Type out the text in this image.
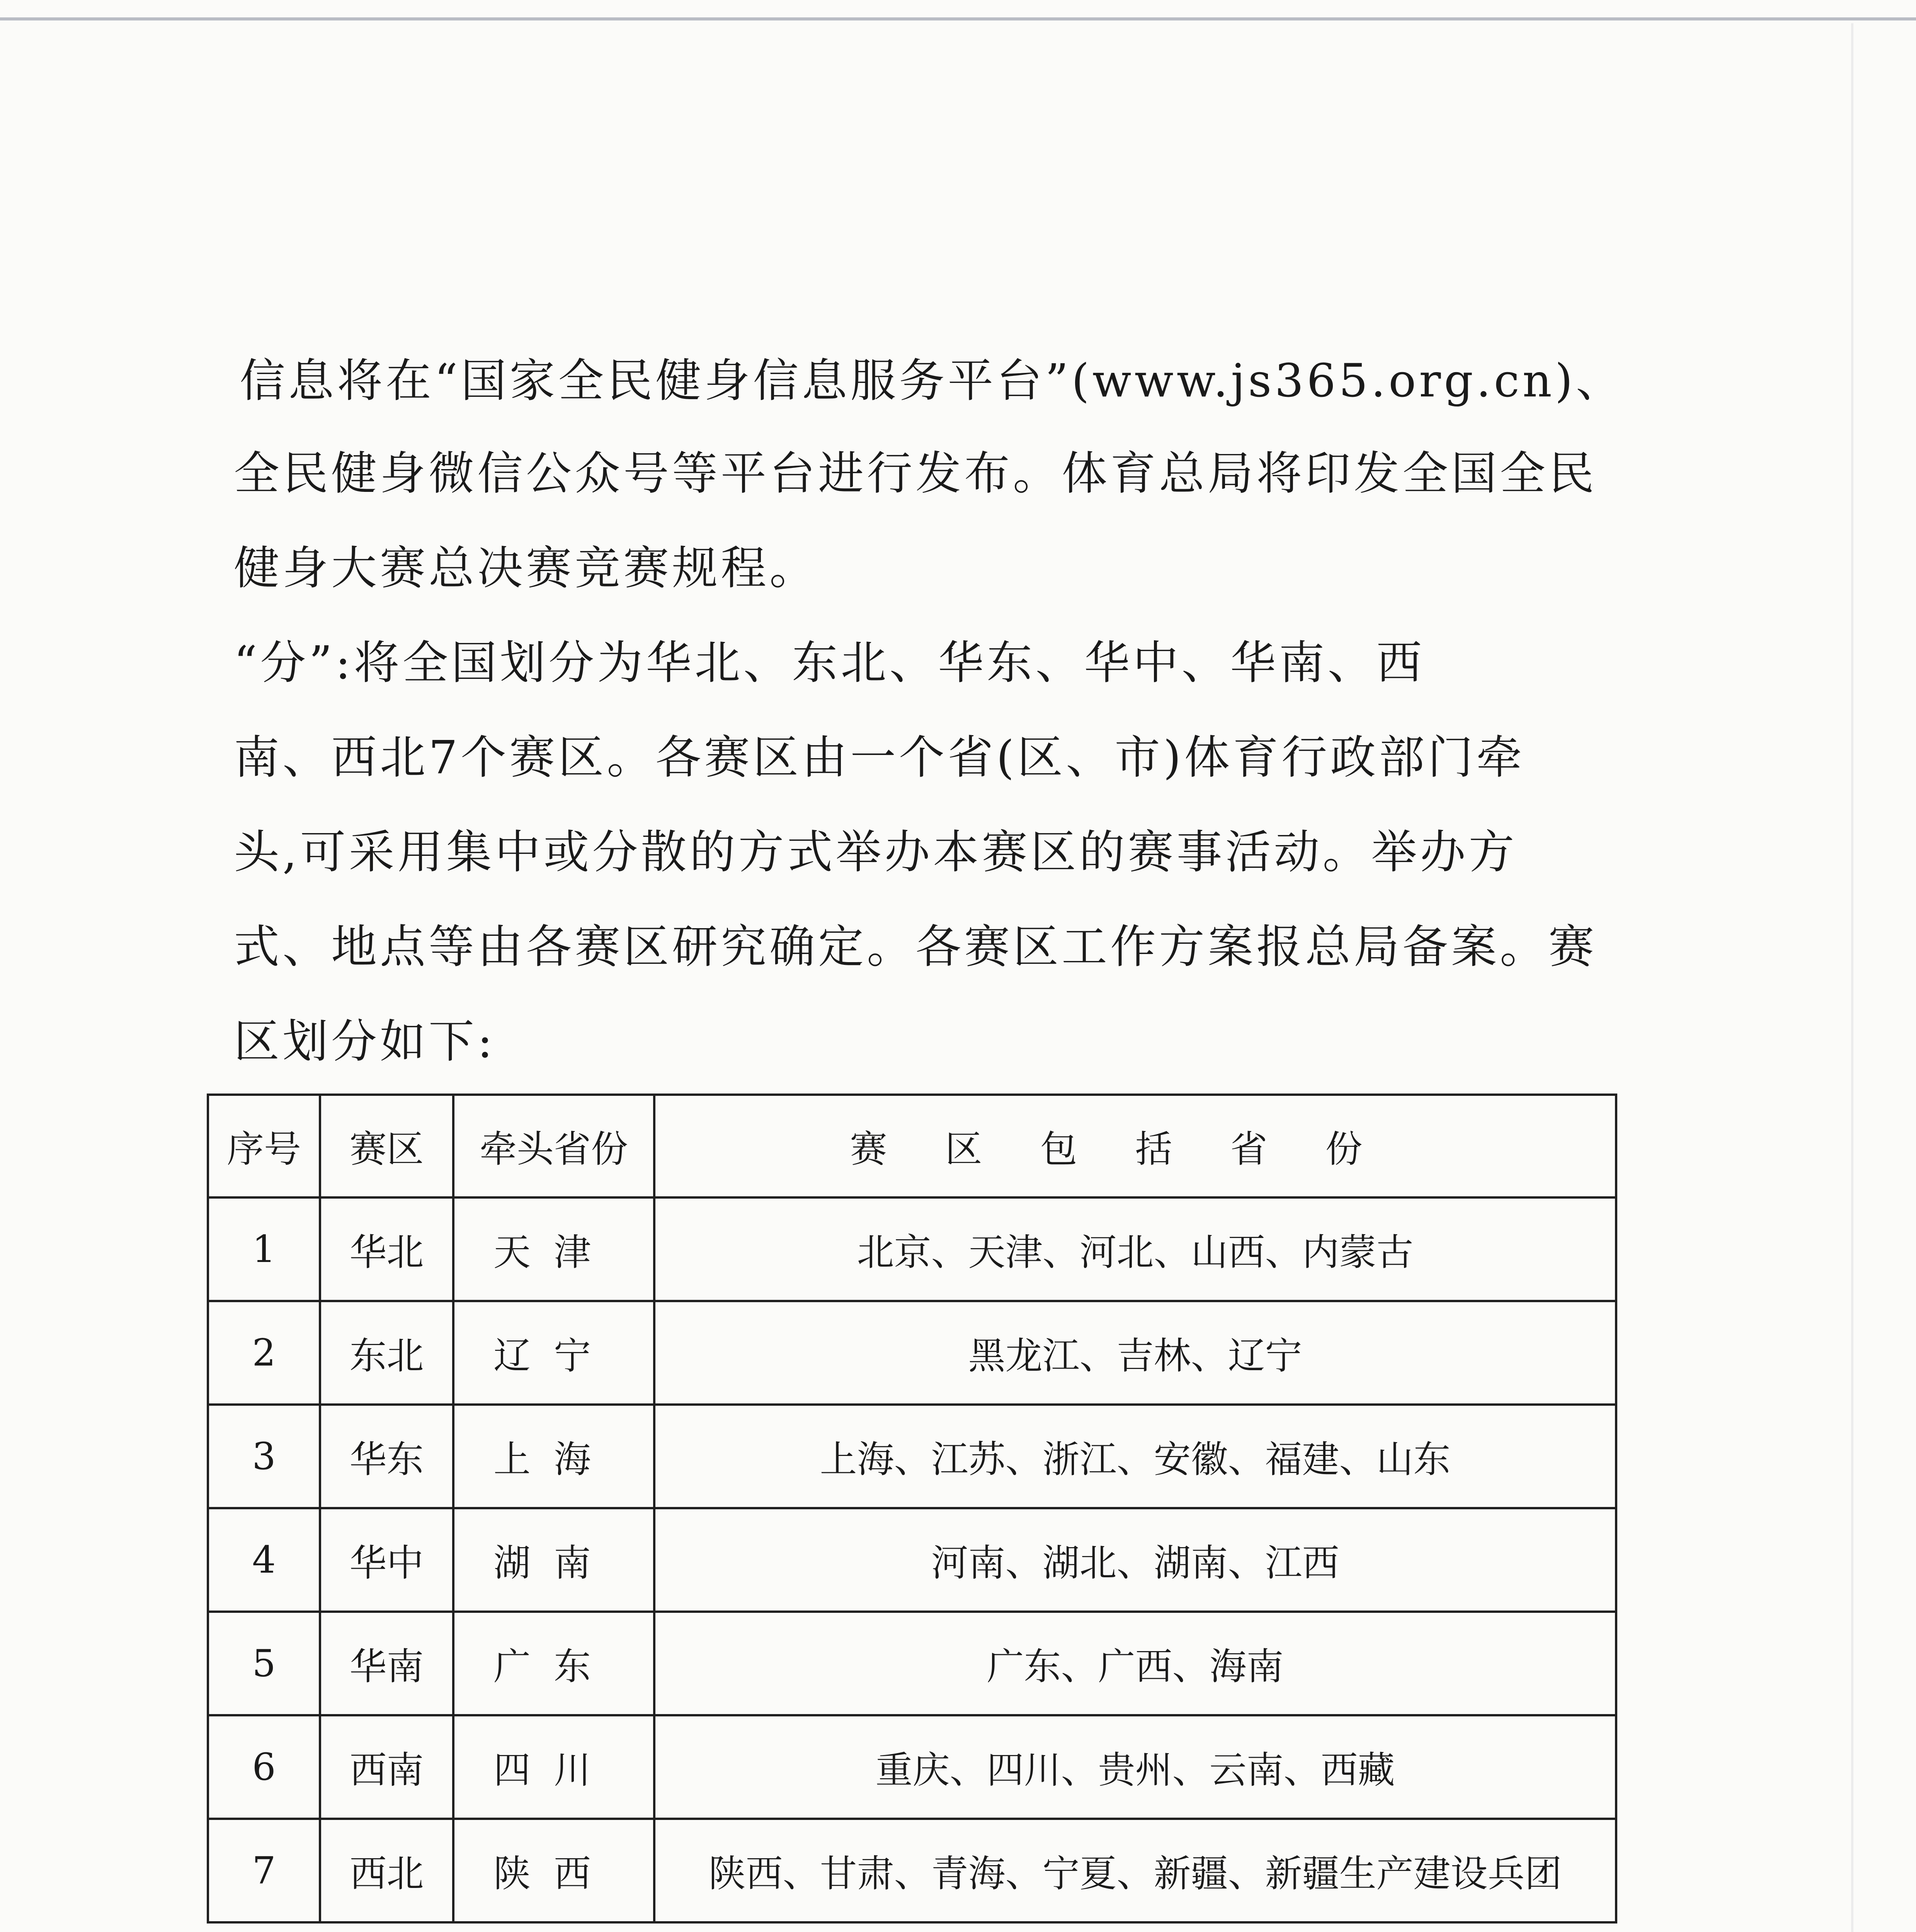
信息将在“国家全民健身信息服务平台”(www.js365.org.cn)、
全民健身微信公众号等平台进行发布。体育总局将印发全国全民
健身大赛总决赛竞赛规程。
“分”:将全国划分为华北、东北、华东、华中、华南、西
南、西北7个赛区。各赛区由一个省(区、市)体育行政部门牵
头,可采用集中或分散的方式举办本赛区的赛事活动。举办方
式、地点等由各赛区研究确定。各赛区工作方案报总局备案。赛
区划分如下:
序号	赛区	牵头省份	赛区包括省份
1	华北	天津	北京、天津、河北、山西、内蒙古
2	东北	辽宁	黑龙江、吉林、辽宁
3	华东	上海	上海、江苏、浙江、安徽、福建、山东
4	华中	湖南	河南、湖北、湖南、江西
5	华南	广东	广东、广西、海南
6	西南	四川	重庆、四川、贵州、云南、西藏
7	西北	陕西	陕西、甘肃、青海、宁夏、新疆、新疆生产建设兵团
